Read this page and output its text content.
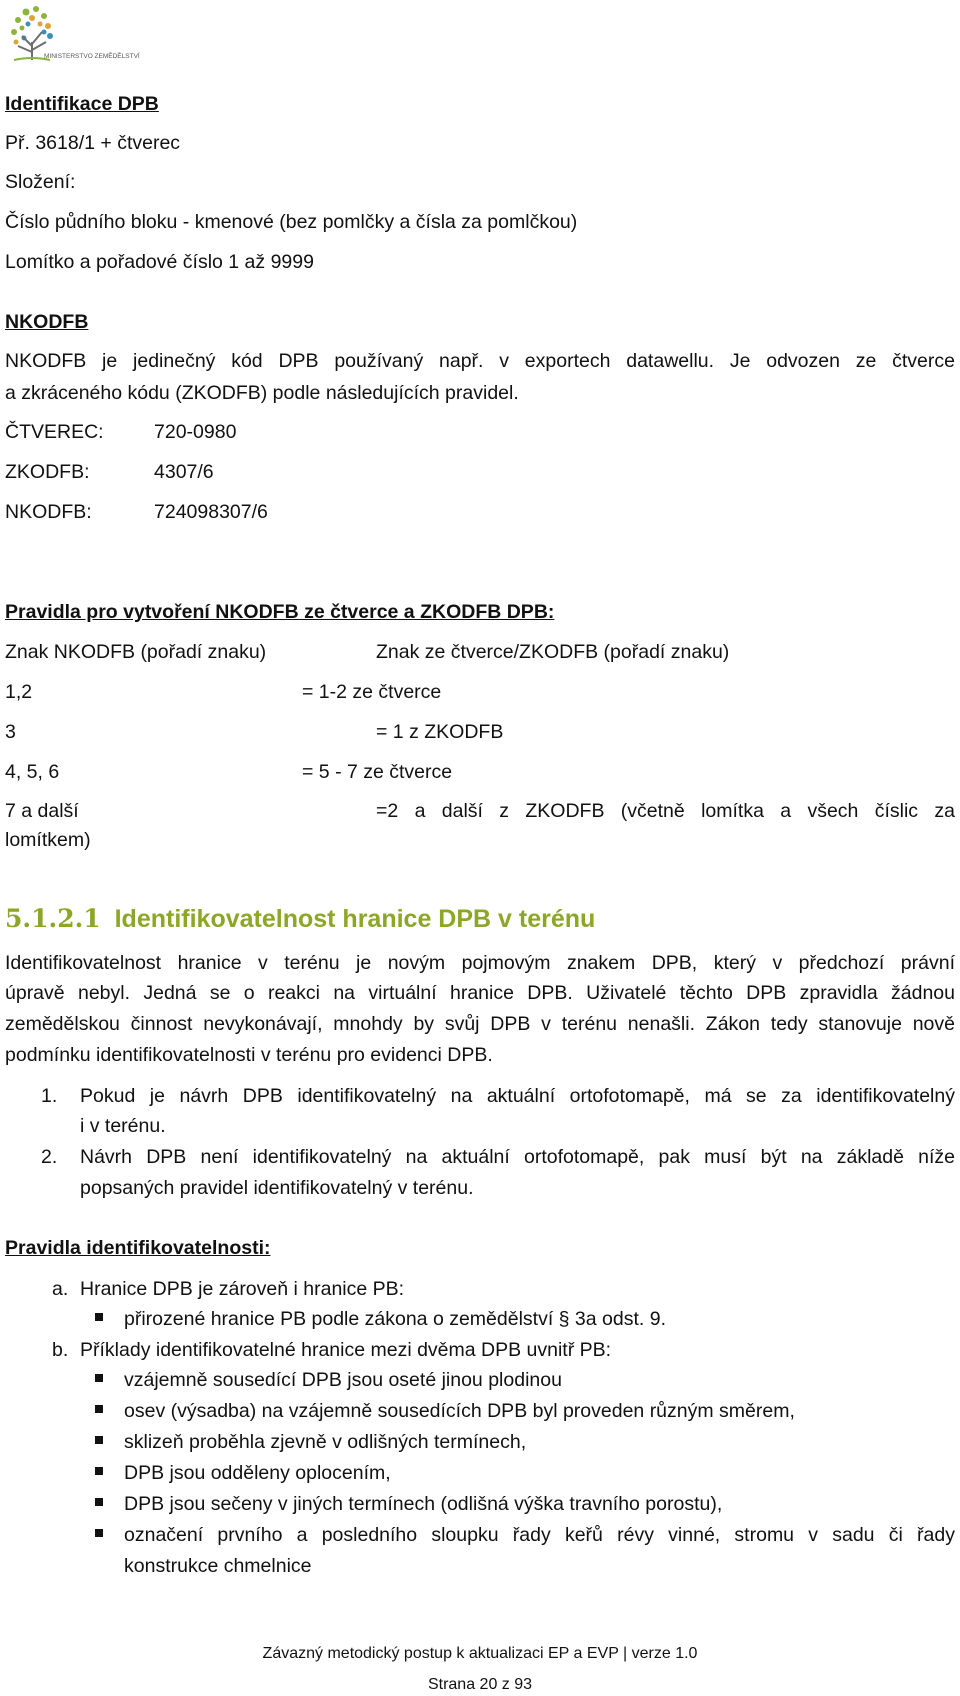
MINISTERSTVO ZEMĚDĚLSTVÍ
Identifikace DPB
Př. 3618/1 + čtverec
Složení:
Číslo půdního bloku - kmenové (bez pomlčky a čísla za pomlčkou)
Lomítko a pořadové číslo 1 až 9999
NKODFB
NKODFB je jedinečný kód DPB používaný např. v exportech datawellu. Je odvozen ze čtverce
a zkráceného kódu (ZKODFB) podle následujících pravidel.
ČTVEREC:	720-0980
ZKODFB:	4307/6
NKODFB:	724098307/6
Pravidla pro vytvoření NKODFB ze čtverce a ZKODFB DPB:
Znak NKODFB (pořadí znaku)	Znak ze čtverce/ZKODFB (pořadí znaku)
1,2	= 1-2 ze čtverce
3	= 1 z ZKODFB
4, 5, 6	= 5 - 7 ze čtverce
7 a další	=2 a další z ZKODFB (včetně lomítka a všech číslic za
lomítkem)
5.1.2.1 Identifikovatelnost hranice DPB v terénu
Identifikovatelnost hranice v terénu je novým pojmovým znakem DPB, který v předchozí právní
úpravě nebyl. Jedná se o reakci na virtuální hranice DPB. Uživatelé těchto DPB zpravidla žádnou
zemědělskou činnost nevykonávají, mnohdy by svůj DPB v terénu nenašli. Zákon tedy stanovuje nově
podmínku identifikovatelnosti v terénu pro evidenci DPB.
1. Pokud je návrh DPB identifikovatelný na aktuální ortofotomapě, má se za identifikovatelný
i v terénu.
2. Návrh DPB není identifikovatelný na aktuální ortofotomapě, pak musí být na základě níže
popsaných pravidel identifikovatelný v terénu.
Pravidla identifikovatelnosti:
a. Hranice DPB je zároveň i hranice PB:
přirozené hranice PB podle zákona o zemědělství § 3a odst. 9.
b. Příklady identifikovatelné hranice mezi dvěma DPB uvnitř PB:
vzájemně sousedící DPB jsou oseté jinou plodinou
osev (výsadba) na vzájemně sousedících DPB byl proveden různým směrem,
sklizeň proběhla zjevně v odlišných termínech,
DPB jsou odděleny oplocením,
DPB jsou sečeny v jiných termínech (odlišná výška travního porostu),
označení prvního a posledního sloupku řady keřů révy vinné, stromu v sadu či řady
konstrukce chmelnice
Závazný metodický postup k aktualizaci EP a EVP | verze 1.0
Strana 20 z 93
